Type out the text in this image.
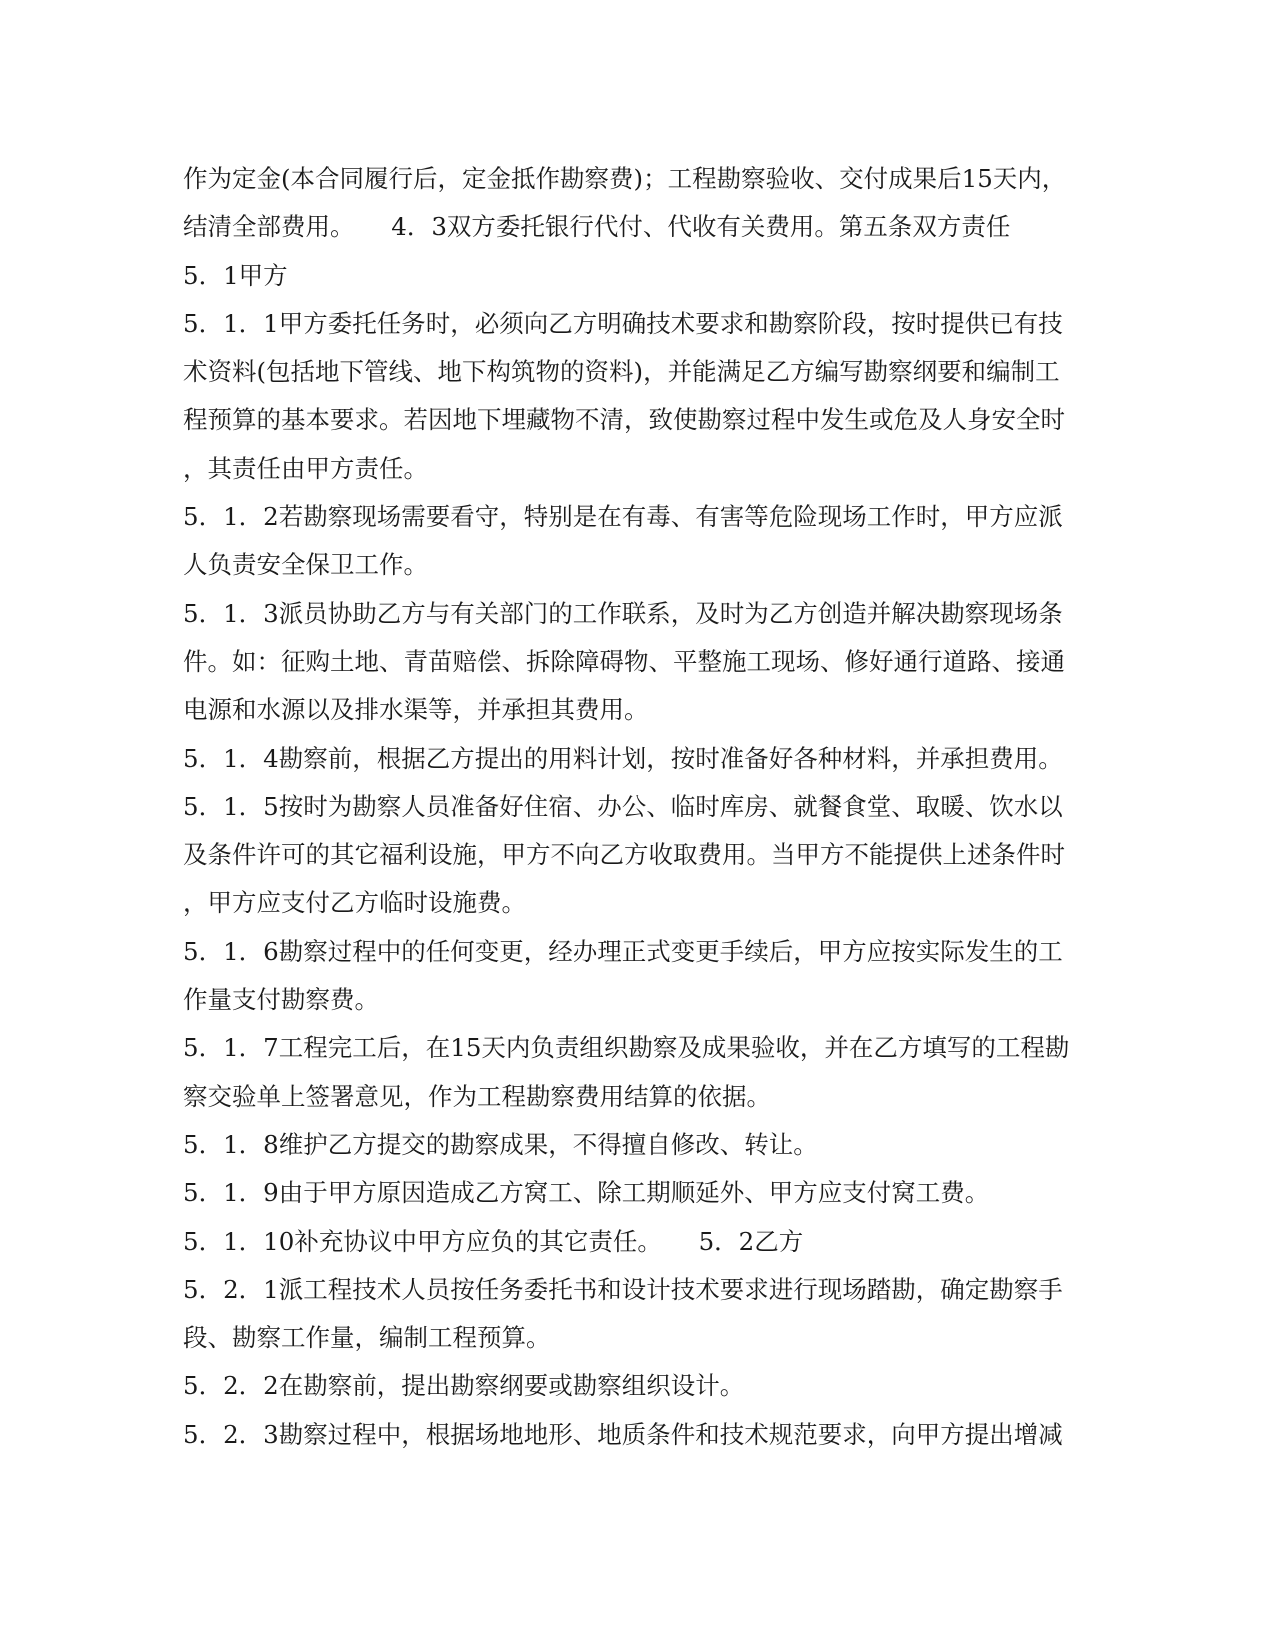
作为定金(本合同履行后，定金抵作勘察费)；工程勘察验收、交付成果后15天内，
结清全部费用。　　4．3双方委托银行代付、代收有关费用。第五条双方责任
5．1甲方
5．1．1甲方委托任务时，必须向乙方明确技术要求和勘察阶段，按时提供已有技
术资料(包括地下管线、地下构筑物的资料)，并能满足乙方编写勘察纲要和编制工
程预算的基本要求。若因地下埋藏物不清，致使勘察过程中发生或危及人身安全时
，其责任由甲方责任。
5．1．2若勘察现场需要看守，特别是在有毒、有害等危险现场工作时，甲方应派
人负责安全保卫工作。
5．1．3派员协助乙方与有关部门的工作联系，及时为乙方创造并解决勘察现场条
件。如：征购土地、青苗赔偿、拆除障碍物、平整施工现场、修好通行道路、接通
电源和水源以及排水渠等，并承担其费用。
5．1．4勘察前，根据乙方提出的用料计划，按时准备好各种材料，并承担费用。
5．1．5按时为勘察人员准备好住宿、办公、临时库房、就餐食堂、取暖、饮水以
及条件许可的其它福利设施，甲方不向乙方收取费用。当甲方不能提供上述条件时
，甲方应支付乙方临时设施费。
5．1．6勘察过程中的任何变更，经办理正式变更手续后，甲方应按实际发生的工
作量支付勘察费。
5．1．7工程完工后，在15天内负责组织勘察及成果验收，并在乙方填写的工程勘
察交验单上签署意见，作为工程勘察费用结算的依据。
5．1．8维护乙方提交的勘察成果，不得擅自修改、转让。
5．1．9由于甲方原因造成乙方窝工、除工期顺延外、甲方应支付窝工费。
5．1．10补充协议中甲方应负的其它责任。　　5．2乙方
5．2．1派工程技术人员按任务委托书和设计技术要求进行现场踏勘，确定勘察手
段、勘察工作量，编制工程预算。
5．2．2在勘察前，提出勘察纲要或勘察组织设计。
5．2．3勘察过程中，根据场地地形、地质条件和技术规范要求，向甲方提出增减
